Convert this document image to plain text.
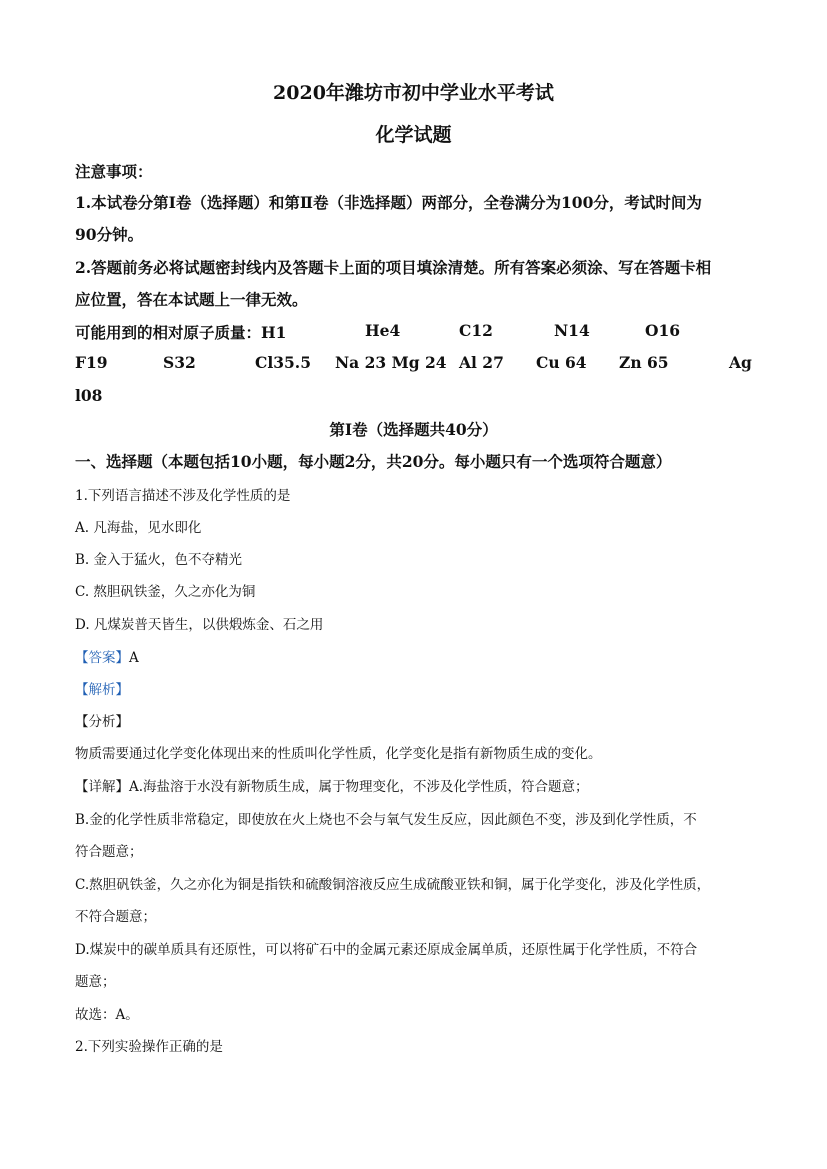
2020年潍坊市初中学业水平考试
化学试题
注意事项：
1.本试卷分第Ⅰ卷（选择题）和第Ⅱ卷（非选择题）两部分，全卷满分为100分，考试时间为
90分钟。
2.答题前务必将试题密封线内及答题卡上面的项目填涂清楚。所有答案必须涂、写在答题卡相
应位置，答在本试题上一律无效。
可能用到的相对原子质量：H1	He4	C12	N14	O16
F19	S32	Cl35.5 Na 23 Mg 24 Al 27 Cu 64 Zn 65	Ag
l08
第I卷（选择题共40分）
一、选择题（本题包括10小题，每小题2分，共20分。每小题只有一个选项符合题意）
1.下列语言描述不涉及化学性质的是
A. 凡海盐，见水即化
B. 金入于猛火，色不夺精光
C. 熬胆矾铁釜，久之亦化为铜
D. 凡煤炭普天皆生，以供煅炼金、石之用
【答案】A
【解析】
【分析】
物质需要通过化学变化体现出来的性质叫化学性质，化学变化是指有新物质生成的变化。
【详解】A.海盐溶于水没有新物质生成，属于物理变化，不涉及化学性质，符合题意；
B.金的化学性质非常稳定，即使放在火上烧也不会与氧气发生反应，因此颜色不变，涉及到化学性质，不
符合题意；
C.熬胆矾铁釜，久之亦化为铜是指铁和硫酸铜溶液反应生成硫酸亚铁和铜，属于化学变化，涉及化学性质，
不符合题意；
D.煤炭中的碳单质具有还原性，可以将矿石中的金属元素还原成金属单质，还原性属于化学性质，不符合
题意；
故选：A。
2.下列实验操作正确的是
